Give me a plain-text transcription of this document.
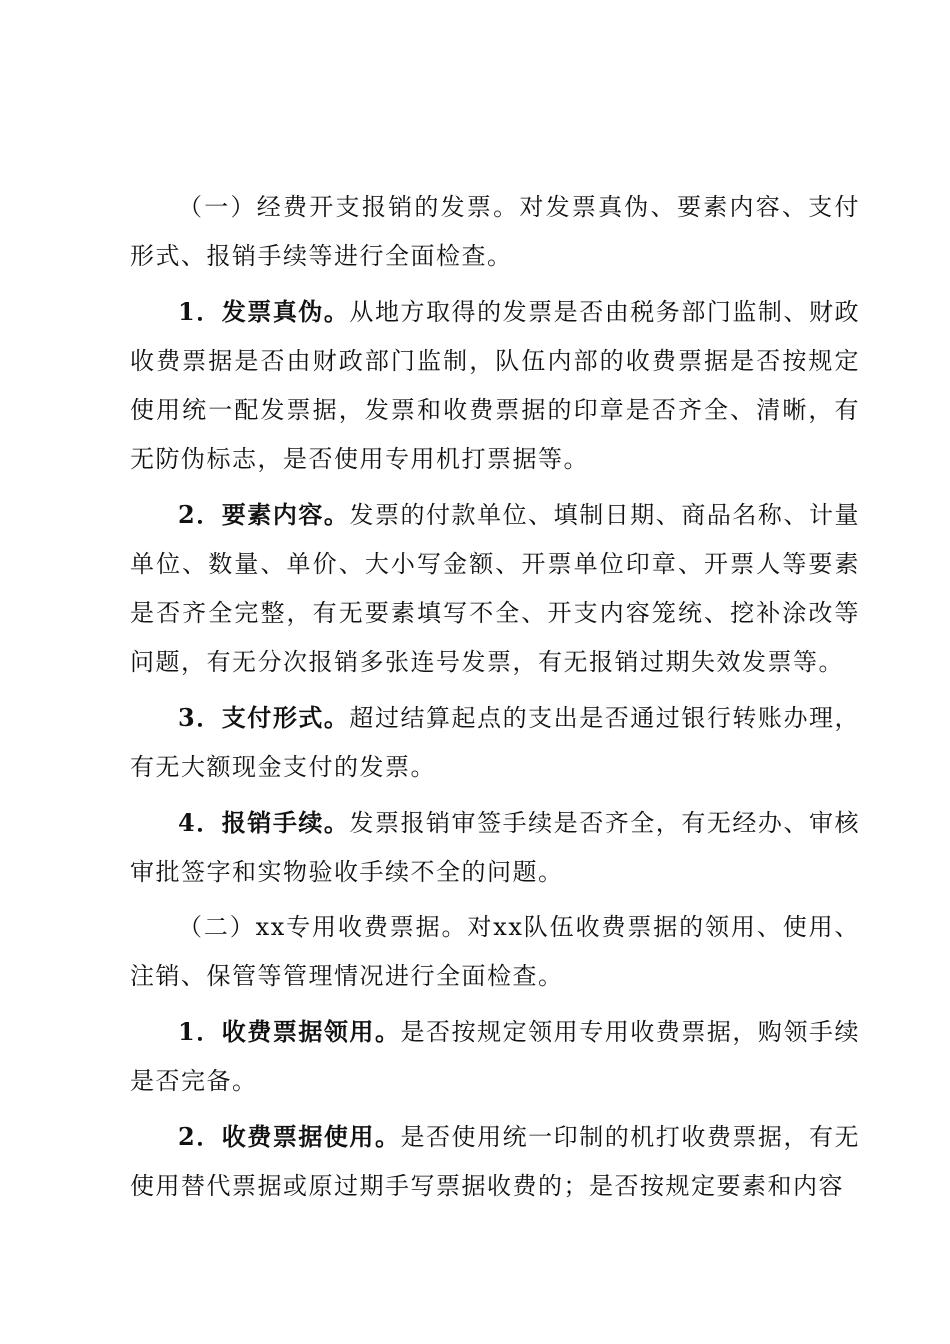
（一）经费开支报销的发票。对发票真伪、要素内容、支付形式、报销手续等进行全面检查。

1．发票真伪。从地方取得的发票是否由税务部门监制、财政收费票据是否由财政部门监制，队伍内部的收费票据是否按规定使用统一配发票据，发票和收费票据的印章是否齐全、清晰，有无防伪标志，是否使用专用机打票据等。

2．要素内容。发票的付款单位、填制日期、商品名称、计量单位、数量、单价、大小写金额、开票单位印章、开票人等要素是否齐全完整，有无要素填写不全、开支内容笼统、挖补涂改等问题，有无分次报销多张连号发票，有无报销过期失效发票等。

3．支付形式。超过结算起点的支出是否通过银行转账办理，有无大额现金支付的发票。

4．报销手续。发票报销审签手续是否齐全，有无经办、审核审批签字和实物验收手续不全的问题。

（二）xx专用收费票据。对xx队伍收费票据的领用、使用、注销、保管等管理情况进行全面检查。

1．收费票据领用。是否按规定领用专用收费票据，购领手续是否完备。

2．收费票据使用。是否使用统一印制的机打收费票据，有无使用替代票据或原过期手写票据收费的；是否按规定要素和内容
